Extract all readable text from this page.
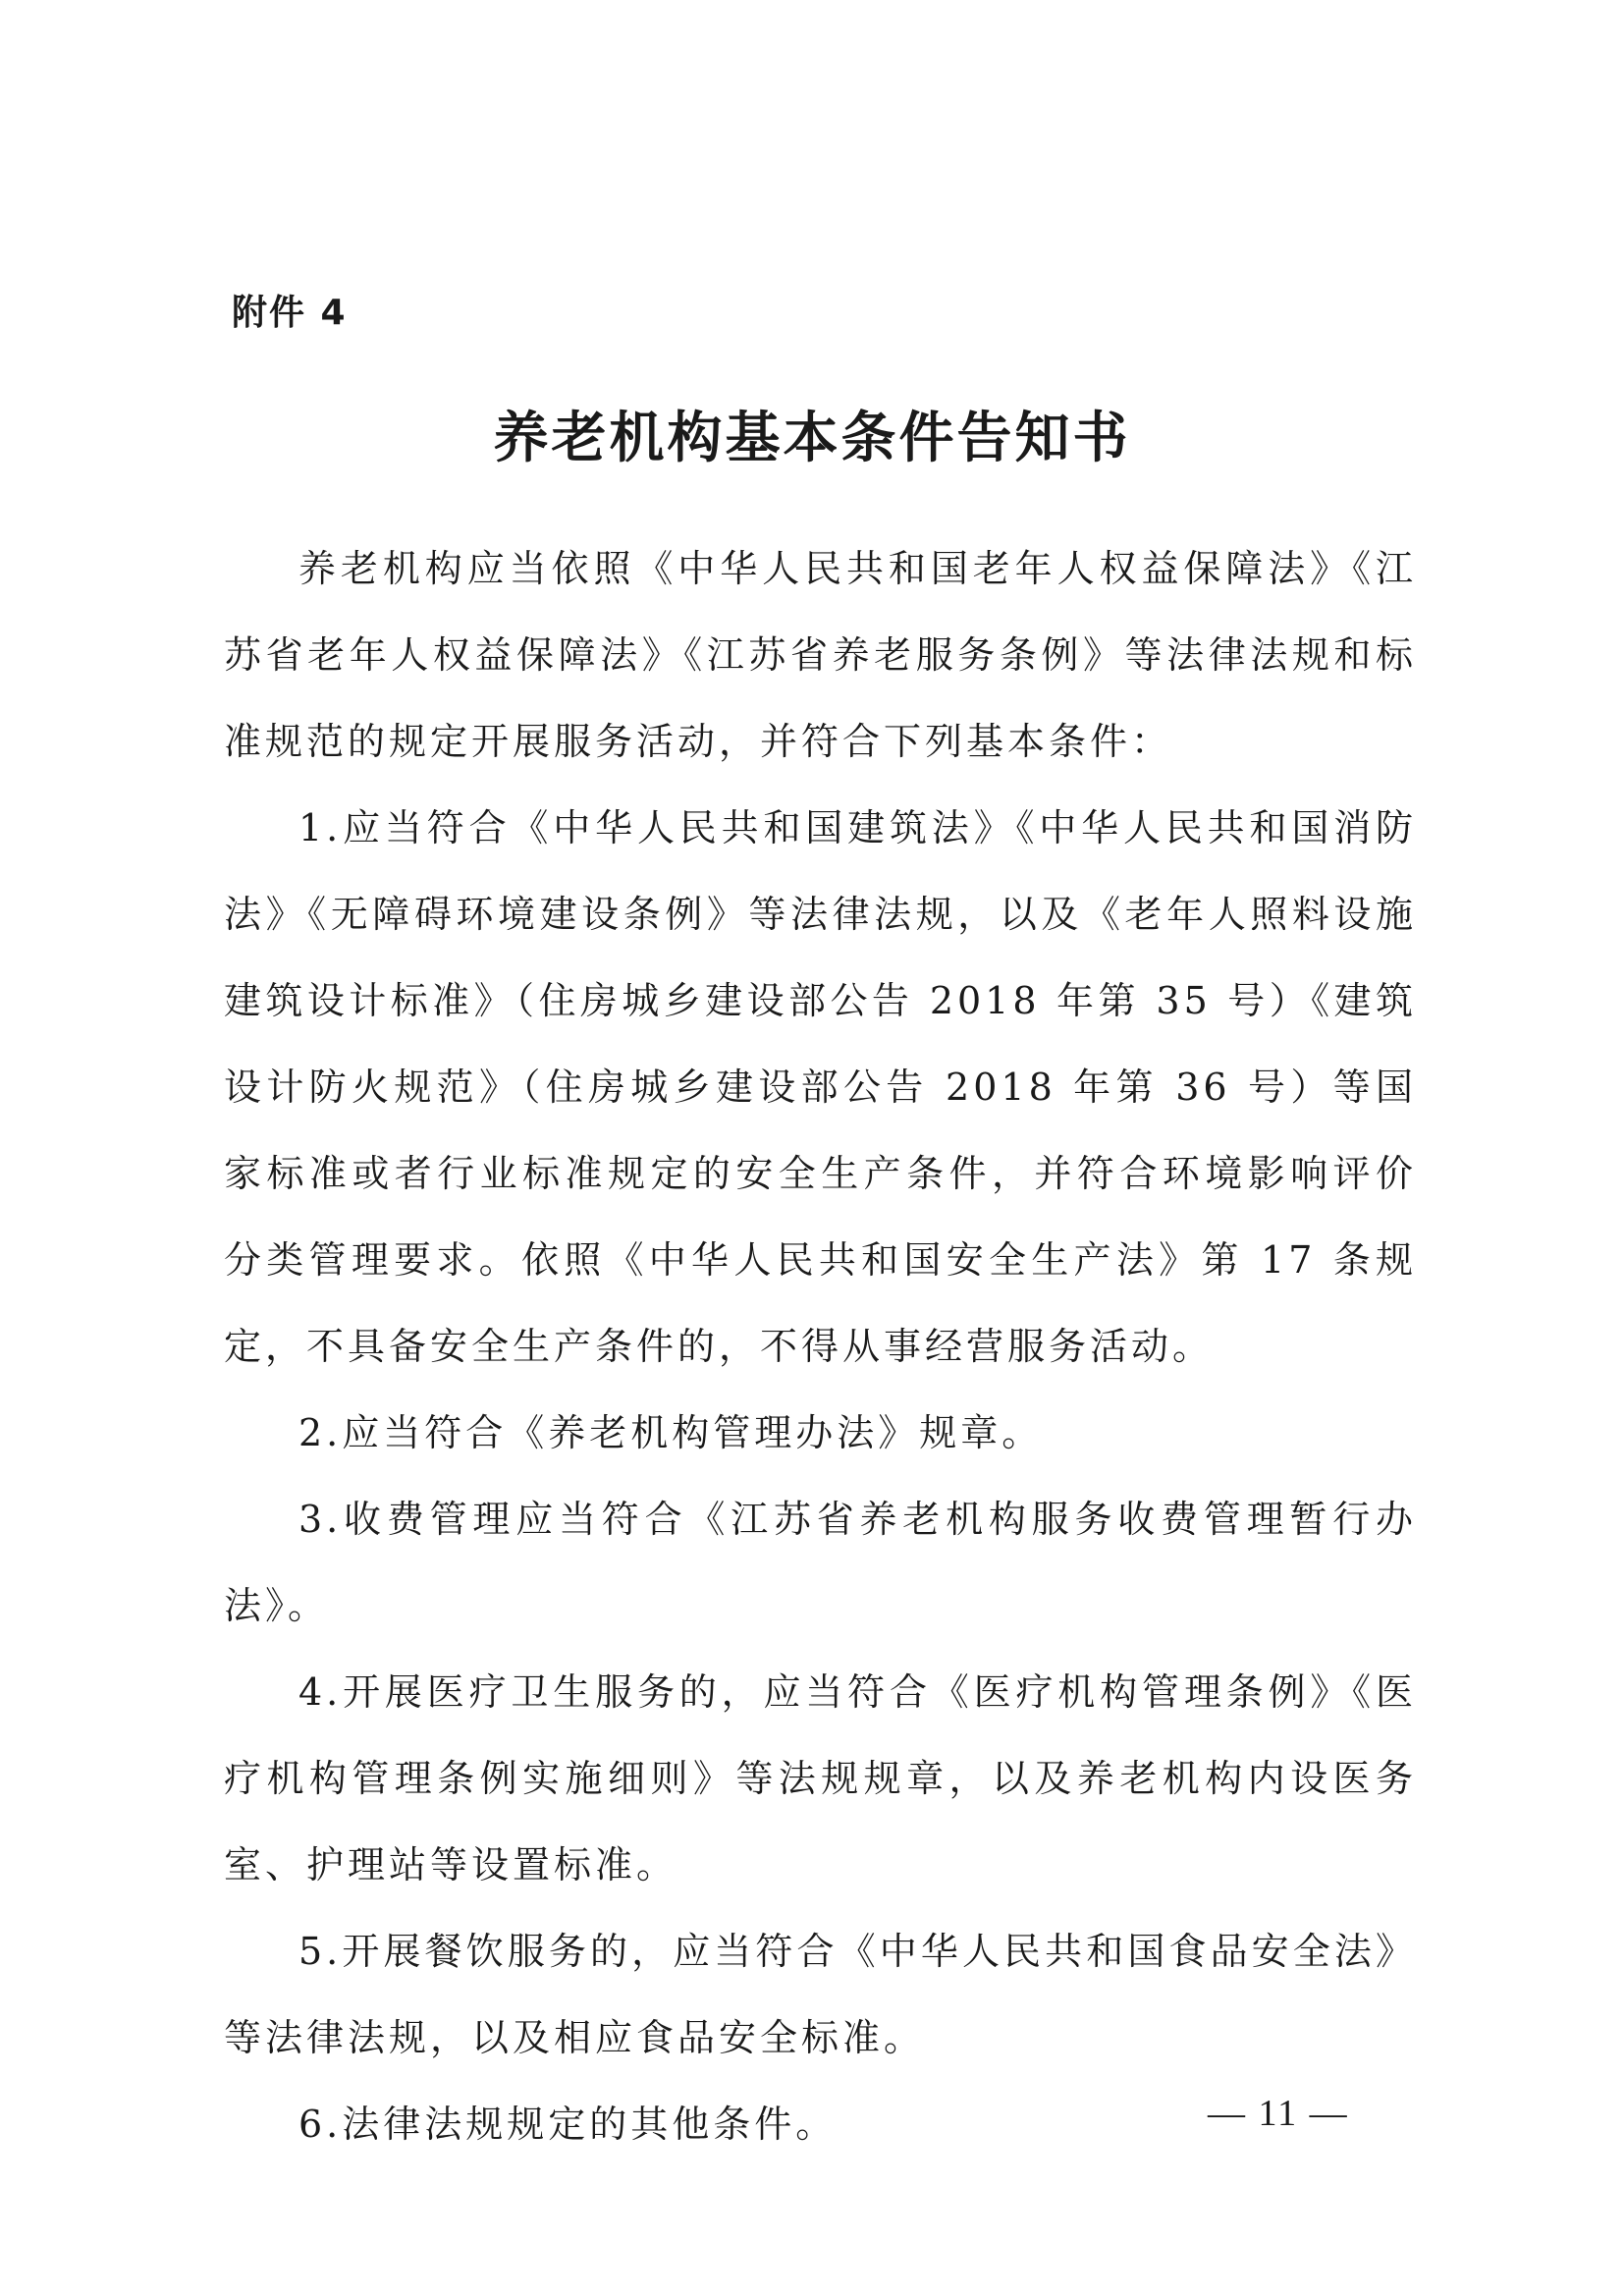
附件 4
养老机构基本条件告知书

养老机构应当依照《中华人民共和国老年人权益保障法》《江苏省老年人权益保障法》《江苏省养老服务条例》等法律法规和标准规范的规定开展服务活动，并符合下列基本条件：

1.应当符合《中华人民共和国建筑法》《中华人民共和国消防法》《无障碍环境建设条例》等法律法规，以及《老年人照料设施建筑设计标准》（住房城乡建设部公告 2018 年第 35 号）《建筑设计防火规范》（住房城乡建设部公告 2018 年第 36 号）等国家标准或者行业标准规定的安全生产条件，并符合环境影响评价分类管理要求。依照《中华人民共和国安全生产法》第 17 条规定，不具备安全生产条件的，不得从事经营服务活动。

2.应当符合《养老机构管理办法》规章。

3.收费管理应当符合《江苏省养老机构服务收费管理暂行办法》。

4.开展医疗卫生服务的，应当符合《医疗机构管理条例》《医疗机构管理条例实施细则》等法规规章，以及养老机构内设医务室、护理站等设置标准。

5.开展餐饮服务的，应当符合《中华人民共和国食品安全法》等法律法规，以及相应食品安全标准。

6.法律法规规定的其他条件。	— 11 —
